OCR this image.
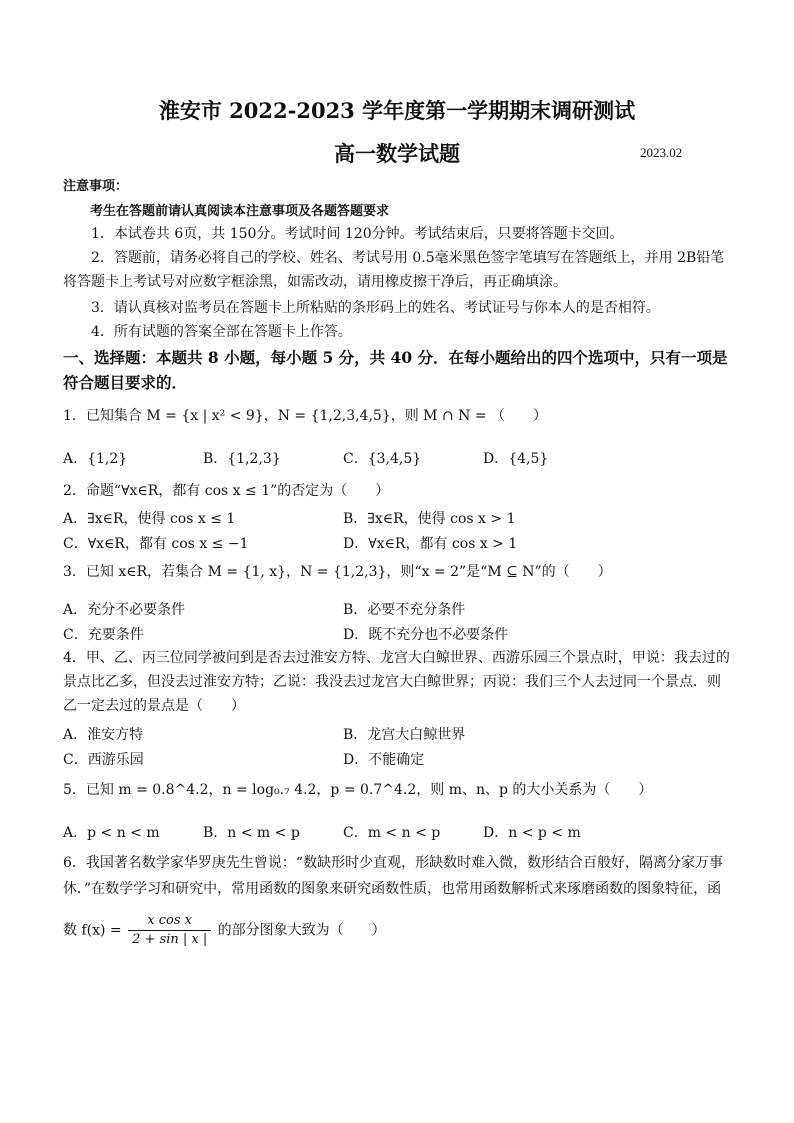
淮安市 2022-2023 学年度第一学期期末调研测试
高一数学试题	2023.02
注意事项：
考生在答题前请认真阅读本注意事项及各题答题要求
1．本试卷共 6页，共 150分。考试时间 120分钟。考试结束后，只要将答题卡交回。
2．答题前，请务必将自己的学校、姓名、考试号用 0.5毫米黑色签字笔填写在答题纸上，并用 2B铅笔将答题卡上考试号对应数字框涂黑，如需改动，请用橡皮擦干净后，再正确填涂。
3．请认真核对监考员在答题卡上所粘贴的条形码上的姓名、考试证号与你本人的是否相符。
4．所有试题的答案全部在答题卡上作答。
一、选择题：本题共 8 小题，每小题 5 分，共 40 分．在每小题给出的四个选项中，只有一项是符合题目要求的．
1．已知集合 M = {x | x² < 9}，N = {1,2,3,4,5}，则 M ∩ N = （　　）
A．{1,2}	B．{1,2,3}	C．{3,4,5}	D．{4,5}
2．命题“∀x∈R，都有 cos x ≤ 1”的否定为（　　）
A．∃x∈R，使得 cos x ≤ 1	B．∃x∈R，使得 cos x > 1
C．∀x∈R，都有 cos x ≤ −1	D．∀x∈R，都有 cos x > 1
3．已知 x∈R，若集合 M = {1, x}，N = {1,2,3}，则“x = 2”是“M ⊆ N”的（　　）
A．充分不必要条件	B．必要不充分条件
C．充要条件	D．既不充分也不必要条件
4．甲、乙、丙三位同学被问到是否去过淮安方特、龙宫大白鲸世界、西游乐园三个景点时，甲说：我去过的景点比乙多，但没去过淮安方特；乙说：我没去过龙宫大白鲸世界；丙说：我们三个人去过同一个景点．则乙一定去过的景点是（　　）
A．淮安方特	B．龙宫大白鲸世界
C．西游乐园	D．不能确定
5．已知 m = 0.8^4.2，n = log₀.₇ 4.2，p = 0.7^4.2，则 m、n、p 的大小关系为（　　）
A．p < n < m	B．n < m < p	C．m < n < p	D．n < p < m
6．我国著名数学家华罗庚先生曾说：“数缺形时少直观，形缺数时难入微，数形结合百般好，隔离分家万事休．”在数学学习和研究中，常用函数的图象来研究函数性质，也常用函数解析式来琢磨函数的图象特征，函
数 $f(x) = \frac{\text{x cos x}}{2 + \sin | x |}$ 的部分图象大致为（　　）
